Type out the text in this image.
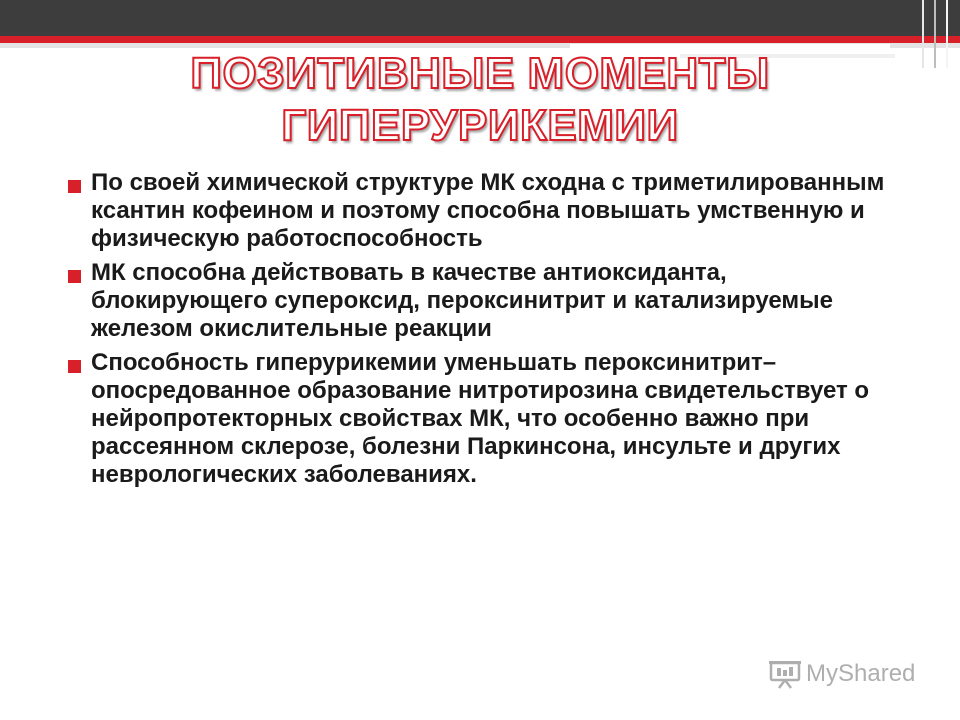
ПОЗИТИВНЫЕ МОМЕНТЫ
ГИПЕРУРИКЕМИИ
По своей химической структуре МК сходна с триметилированным ксантин кофеином и поэтому способна повышать умственную и физическую работоспособность
МК способна действовать в качестве антиоксиданта, блокирующего супероксид, пероксинитрит и катализируемые железом окислительные реакции
Способность гиперурикемии уменьшать пероксинитрит–опосредованное образование нитротирозина свидетельствует о нейропротекторных свойствах МК, что особенно важно при рассеянном склерозе, болезни Паркинсона, инсульте и других неврологических заболеваниях.
MyShared
